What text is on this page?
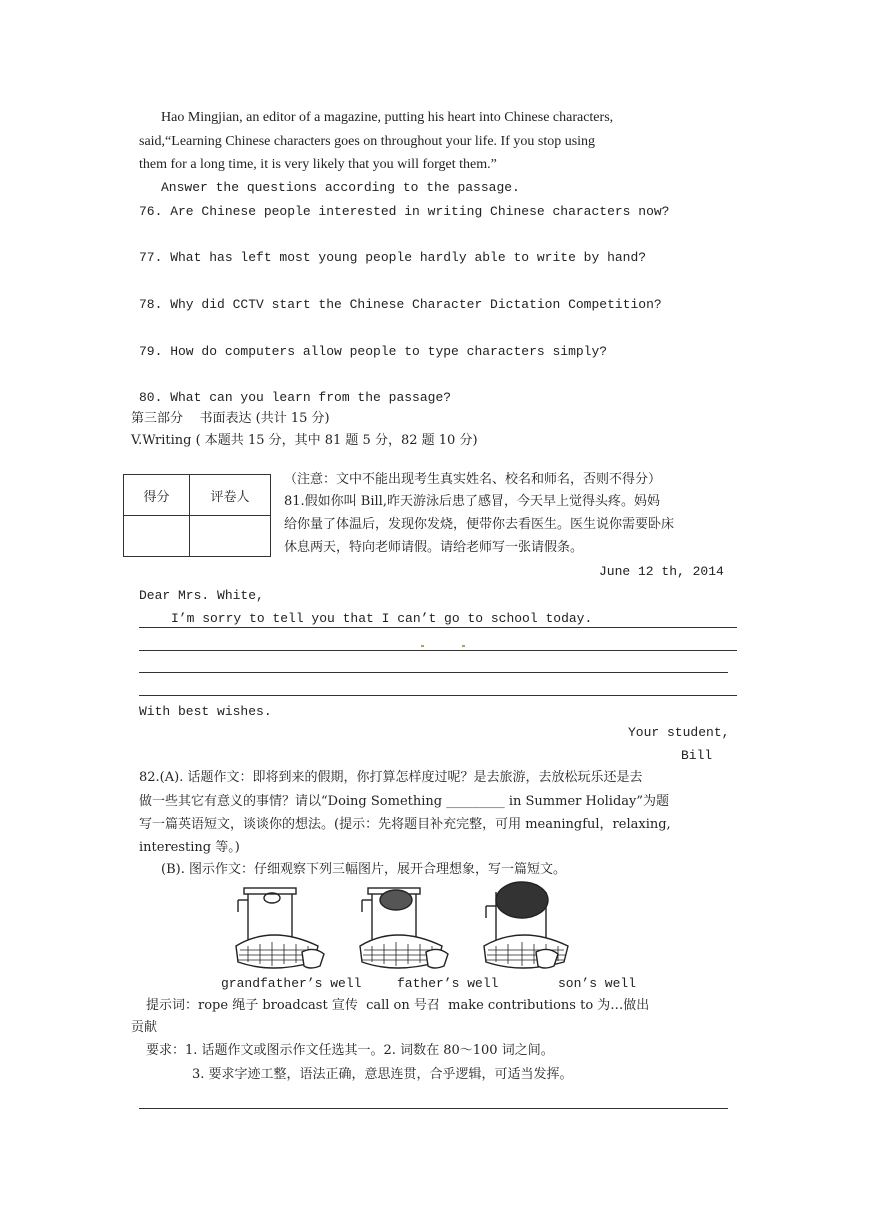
Hao Mingjian, an editor of a magazine, putting his heart into Chinese characters,
said,“Learning Chinese characters goes on throughout your life. If you stop using
them for a long time, it is very likely that you will forget them.”
Answer the questions according to the passage.
76. Are Chinese people interested in writing Chinese characters now?
77. What has left most young people hardly able to write by hand?
78. Why did CCTV start the Chinese Character Dictation Competition?
79. How do computers allow people to type characters simply?
80. What can you learn from the passage?
第三部分    书面表达 (共计 15 分)
V.Writing ( 本题共 15 分，其中 81 题 5 分，82 题 10 分)
得分	评卷人

（注意：文中不能出现考生真实姓名、校名和师名，否则不得分）
81.假如你叫 Bill,昨天游泳后患了感冒，今天早上觉得头疼。妈妈
给你量了体温后，发现你发烧，便带你去看医生。医生说你需要卧床
休息两天，特向老师请假。请给老师写一张请假条。
June 12 th, 2014
Dear Mrs. White,
I’m sorry to tell you that I can’t go to school today.
With best wishes.
Your student,
Bill
82.(A). 话题作文：即将到来的假期，你打算怎样度过呢？是去旅游，去放松玩乐还是去
做一些其它有意义的事情？请以“Doing Something _________ in Summer Holiday”为题
写一篇英语短文，谈谈你的想法。(提示：先将题目补充完整，可用 meaningful，relaxing,
interesting 等。)
(B). 图示作文：仔细观察下列三幅图片，展开合理想象，写一篇短文。
grandfather’s well	father’s well	son’s well
提示词：rope 绳子 broadcast 宣传  call on 号召  make contributions to 为…做出
贡献
要求：1. 话题作文或图示作文任选其一。2. 词数在 80～100 词之间。
3. 要求字迹工整，语法正确，意思连贯，合乎逻辑，可适当发挥。
